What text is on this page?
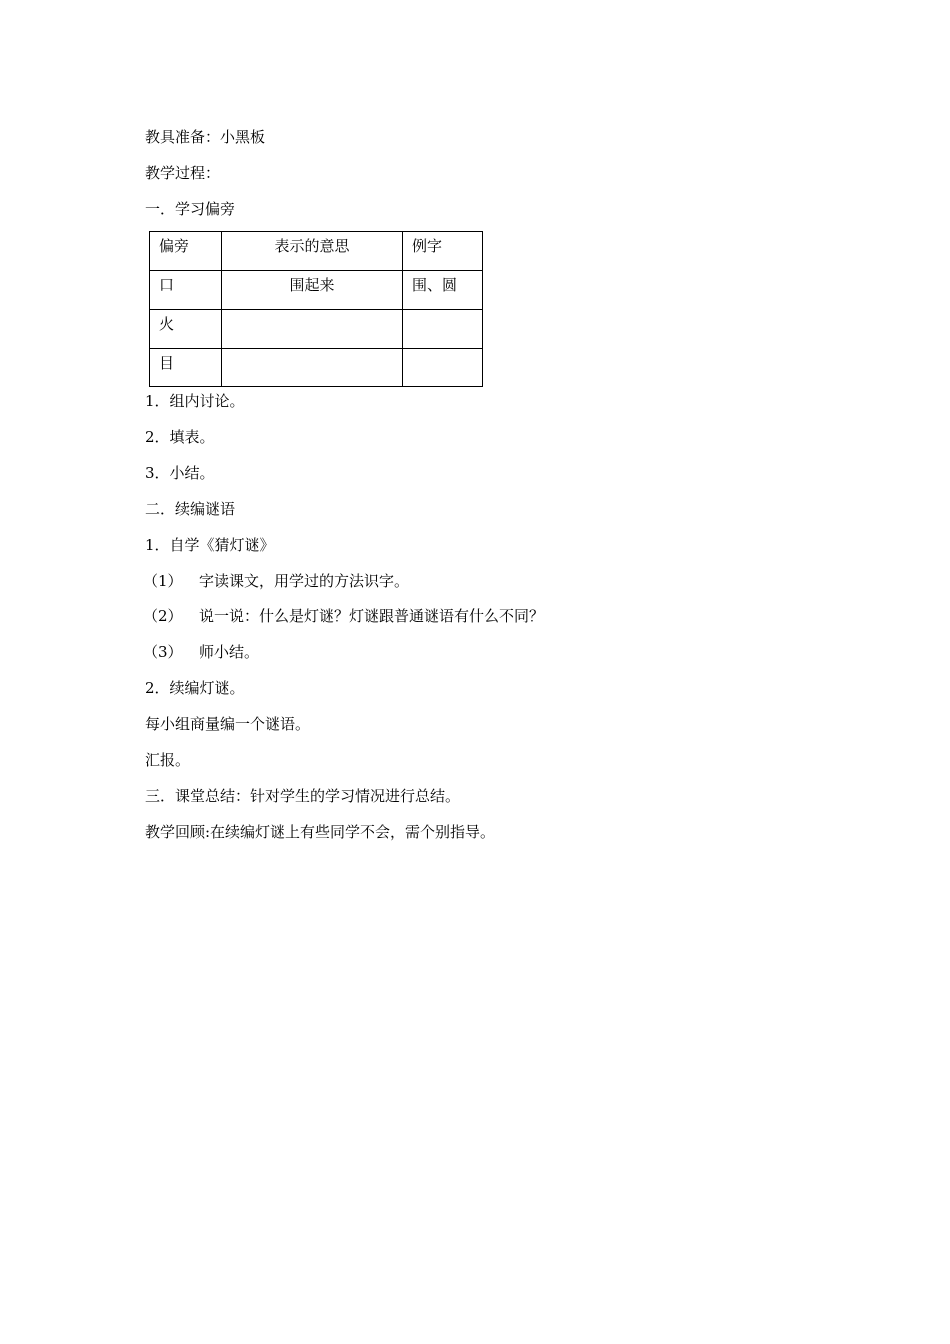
教具准备：小黑板
教学过程：
一．学习偏旁
偏旁	表示的意思	例字
口	围起来	围、圆
火		
目		
1．组内讨论。
2．填表。
3．小结。
二．续编谜语
1．自学《猜灯谜》
（1） 字读课文，用学过的方法识字。
（2） 说一说：什么是灯谜？灯谜跟普通谜语有什么不同？
（3） 师小结。
2．续编灯谜。
每小组商量编一个谜语。
汇报。
三．课堂总结：针对学生的学习情况进行总结。
教学回顾:在续编灯谜上有些同学不会，需个别指导。
